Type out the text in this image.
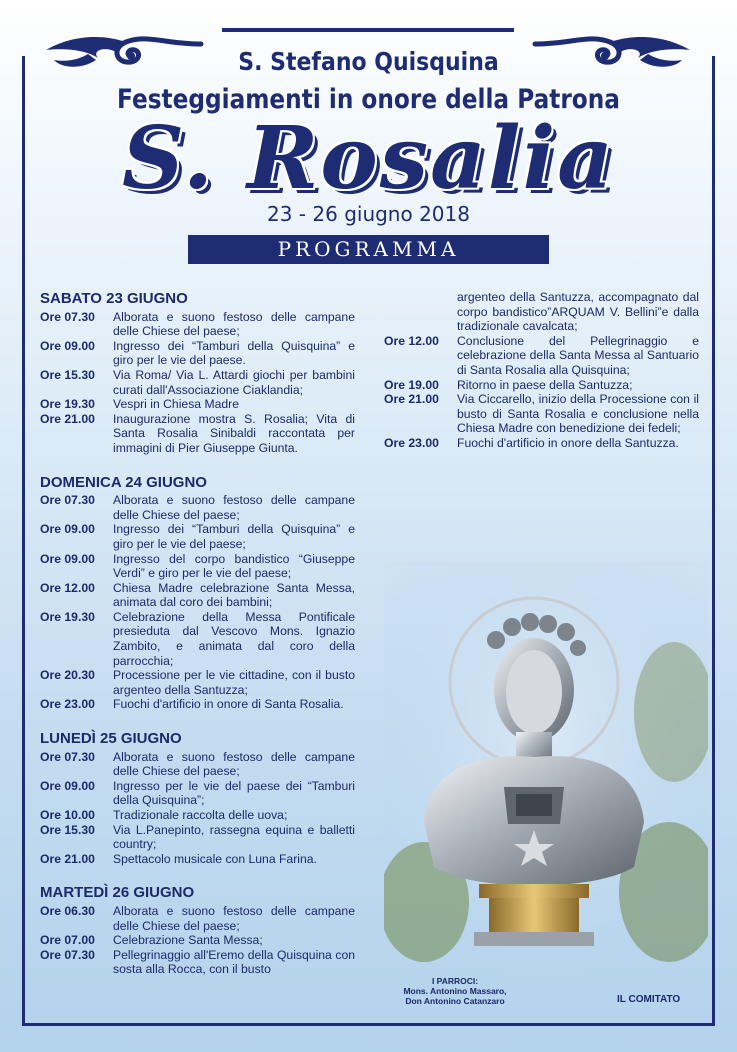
S. Stefano Quisquina
Festeggiamenti in onore della Patrona
S. Rosalia
23 - 26 giugno 2018
PROGRAMMA
SABATO 23 GIUGNO
Ore 07.30	Alborata e suono festoso delle campane delle Chiese del paese;
Ore 09.00	Ingresso dei “Tamburi della Quisquina” e giro per le vie del paese.
Ore 15.30	Via Roma/ Via L. Attardi giochi per bambini curati dall'Associazione Ciaklandia;
Ore 19.30	Vespri in Chiesa Madre
Ore 21.00	Inaugurazione mostra S. Rosalia; Vita di Santa Rosalia Sinibaldi raccontata per immagini di Pier Giuseppe Giunta.
DOMENICA 24 GIUGNO
Ore 07.30	Alborata e suono festoso delle campane delle Chiese del paese;
Ore 09.00	Ingresso dei “Tamburi della Quisquina” e giro per le vie del paese;
Ore 09.00	Ingresso del corpo bandistico “Giuseppe Verdi” e giro per le vie del paese;
Ore 12.00	Chiesa Madre celebrazione Santa Messa, animata dal coro dei bambini;
Ore 19.30	Celebrazione della Messa Pontificale presieduta dal Vescovo Mons. Ignazio Zambito, e animata dal coro della parrocchia;
Ore 20.30	Processione per le vie cittadine, con il busto argenteo della Santuzza;
Ore 23.00	Fuochi d'artificio in onore di Santa Rosalia.
LUNEDÌ 25 GIUGNO
Ore 07.30	Alborata e suono festoso delle campane delle Chiese del paese;
Ore 09.00	Ingresso per le vie del paese dei “Tamburi della Quisquina”;
Ore 10.00	Tradizionale raccolta delle uova;
Ore 15.30	Via L.Panepinto, rassegna equina e balletti country;
Ore 21.00	Spettacolo musicale con Luna Farina.
MARTEDÌ 26 GIUGNO
Ore 06.30	Alborata e suono festoso delle campane delle Chiese del paese;
Ore 07.00	Celebrazione Santa Messa;
Ore 07.30	Pellegrinaggio all'Eremo della Quisquina con sosta alla Rocca, con il busto
argenteo della Santuzza, accompagnato dal corpo bandistico”ARQUAM V. Bellini”e dalla tradizionale cavalcata;
Ore 12.00	Conclusione del Pellegrinaggio e celebrazione della Santa Messa al Santuario di Santa Rosalia alla Quisquina;
Ore 19.00	Ritorno in paese della Santuzza;
Ore 21.00	Via Ciccarello, inizio della Processione con il busto di Santa Rosalia e conclusione nella Chiesa Madre con benedizione dei fedeli;
Ore 23.00	Fuochi d'artificio in onore della Santuzza.
I PARROCI:
Mons. Antonino Massaro,
Don Antonino Catanzaro	IL COMITATO
